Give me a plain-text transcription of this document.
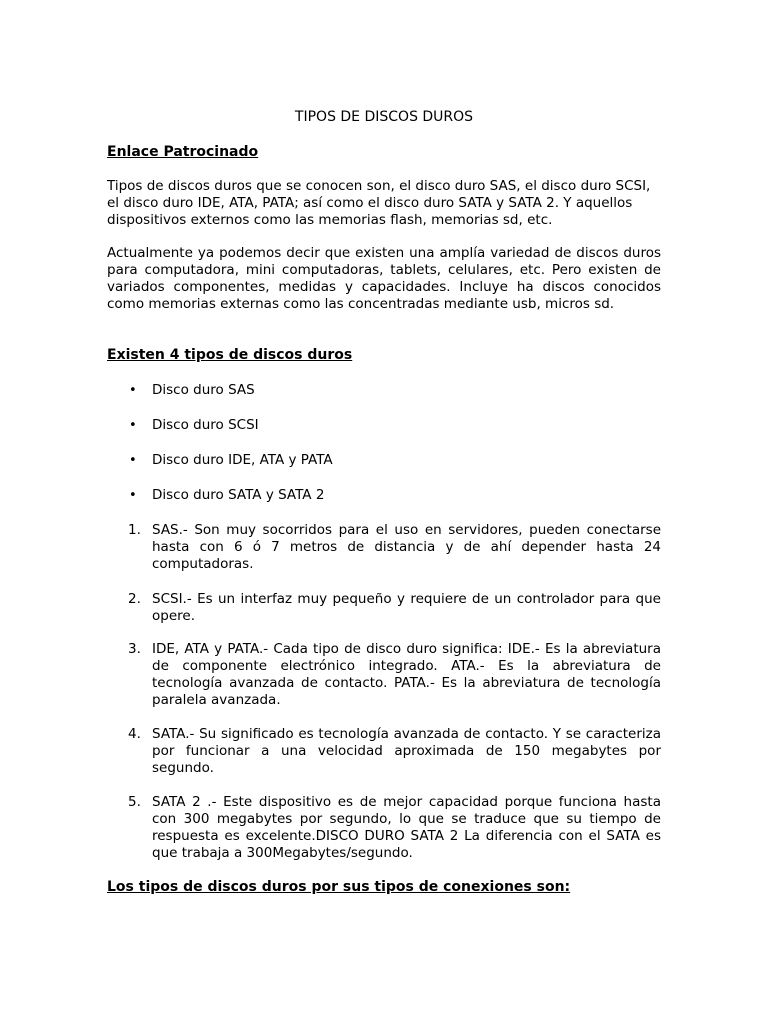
TIPOS DE DISCOS DUROS
Enlace Patrocinado

Tipos de discos duros que se conocen son, el disco duro SAS, el disco duro SCSI, el disco duro IDE, ATA, PATA; así como el disco duro SATA y SATA 2. Y aquellos dispositivos externos como las memorias flash, memorias sd, etc.

Actualmente ya podemos decir que existen una amplía variedad de discos duros para computadora, mini computadoras, tablets, celulares, etc. Pero existen de variados componentes, medidas y capacidades. Incluye ha discos conocidos como memorias externas como las concentradas mediante usb, micros sd.

Existen 4 tipos de discos duros
• Disco duro SAS
• Disco duro SCSI
• Disco duro IDE, ATA y PATA
• Disco duro SATA y SATA 2
1. SAS.- Son muy socorridos para el uso en servidores, pueden conectarse hasta con 6 ó 7 metros de distancia y de ahí depender hasta 24 computadoras.
2. SCSI.- Es un interfaz muy pequeño y requiere de un controlador para que opere.
3. IDE, ATA y PATA.- Cada tipo de disco duro significa: IDE.- Es la abreviatura de componente electrónico integrado. ATA.- Es la abreviatura de tecnología avanzada de contacto. PATA.- Es la abreviatura de tecnología paralela avanzada.
4. SATA.- Su significado es tecnología avanzada de contacto. Y se caracteriza por funcionar a una velocidad aproximada de 150 megabytes por segundo.
5. SATA 2 .- Este dispositivo es de mejor capacidad porque funciona hasta con 300 megabytes por segundo, lo que se traduce que su tiempo de respuesta es excelente.DISCO DURO SATA 2 La diferencia con el SATA es que trabaja a 300Megabytes/segundo.
Los tipos de discos duros por sus tipos de conexiones son:
